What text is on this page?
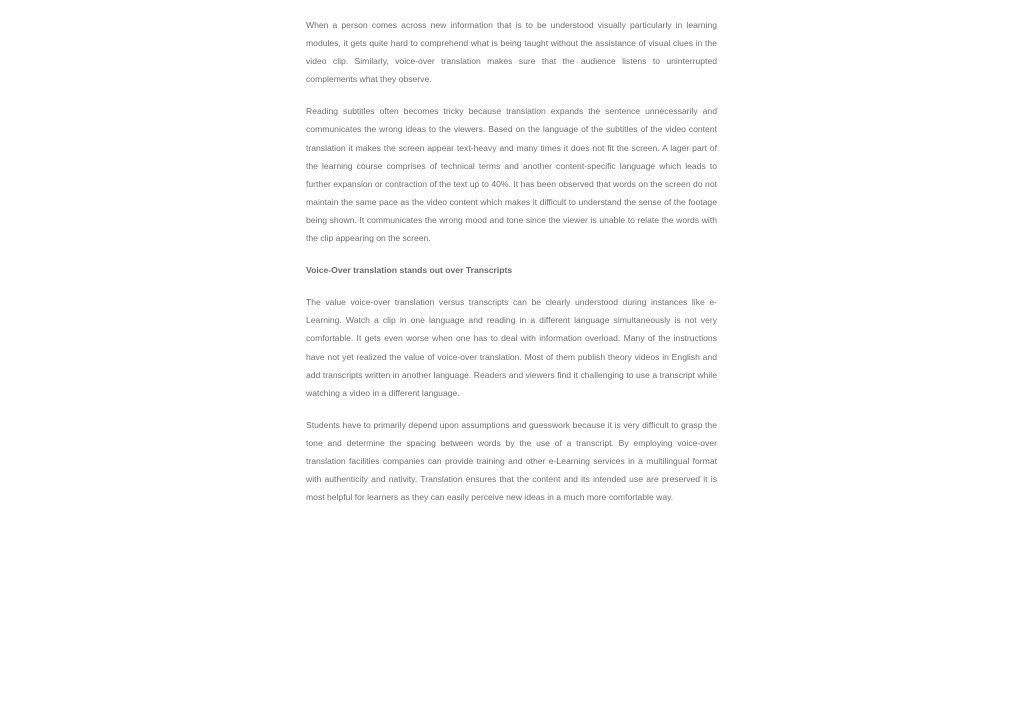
When a person comes across new information that is to be understood visually particularly in learning modules, it gets quite hard to comprehend what is being taught without the assistance of visual clues in the video clip. Similarly, voice-over translation makes sure that the audience listens to uninterrupted complements what they observe.

Reading subtitles often becomes tricky because translation expands the sentence unnecessarily and communicates the wrong ideas to the viewers. Based on the language of the subtitles of the video content translation it makes the screen appear text-heavy and many times it does not fit the screen. A lager part of the learning course comprises of technical terms and another content-specific language which leads to further expansion or contraction of the text up to 40%. It has been observed that words on the screen do not maintain the same pace as the video content which makes it difficult to understand the sense of the footage being shown. It communicates the wrong mood and tone since the viewer is unable to relate the words with the clip appearing on the screen.

Voice-Over translation stands out over Transcripts

The value voice-over translation versus transcripts can be clearly understood during instances like e-Learning. Watch a clip in one language and reading in a different language simultaneously is not very comfortable. It gets even worse when one has to deal with information overload. Many of the instructions have not yet realized the value of voice-over translation. Most of them publish theory videos in English and add transcripts written in another language. Readers and viewers find it challenging to use a transcript while watching a video in a different language.

Students have to primarily depend upon assumptions and guesswork because it is very difficult to grasp the tone and determine the spacing between words by the use of a transcript. By employing voice-over translation facilities companies can provide training and other e-Learning services in a multilingual format with authenticity and nativity. Translation ensures that the content and its intended use are preserved it is most helpful for learners as they can easily perceive new ideas in a much more comfortable way.
